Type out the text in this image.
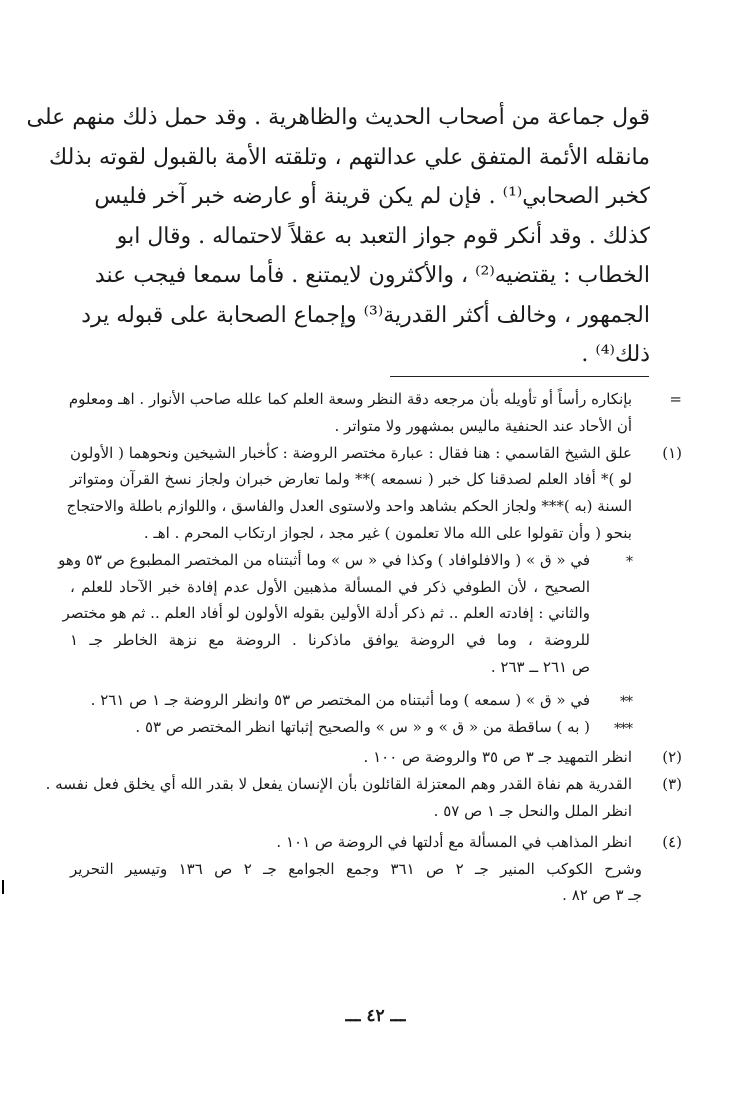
قول جماعة من أصحاب الحديث والظاهرية . وقد حمل ذلك منهم على
مانقله الأئمة المتفق علي عدالتهم ، وتلقته الأمة بالقبول لقوته بذلك
كخبر الصحابي⁽¹⁾ . فإن لم يكن قرينة أو عارضه خبر آخر فليس
كذلك . وقد أنكر قوم جواز التعبد به عقلاً لاحتماله . وقال ابو
الخطاب : يقتضيه⁽²⁾ ، والأكثرون لايمتنع . فأما سمعا فيجب عند
الجمهور ، وخالف أكثر القدرية⁽³⁾ وإجماع الصحابة على قبوله يرد
ذلك⁽⁴⁾ .
=
بإنكاره رأساً أو تأويله بأن مرجعه دقة النظر وسعة العلم كما علله صاحب الأنوار . اهـ ومعلوم
أن الأحاد عند الحنفية ماليس بمشهور ولا متواتر .
(١)
علق الشيخ القاسمي : هنا فقال : عبارة مختصر الروضة : كأخبار الشيخين ونحوهما ( الأولون
لو )* أفاد العلم لصدقنا كل خبر ( نسمعه )** ولما تعارض خبران ولجاز نسخ القرآن ومتواتر
السنة (به )*** ولجاز الحكم بشاهد واحد ولاستوى العدل والفاسق ، واللوازم باطلة والاحتجاج
بنحو ( وأن تقولوا على الله مالا تعلمون ) غير مجد ، لجواز ارتكاب المحرم . اهـ .
*
في « ق » ( والافلوافاد ) وكذا في « س » وما أثبتناه من المختصر المطبوع ص ٥٣ وهو
الصحيح ، لأن الطوفي ذكر في المسألة مذهبين الأول عدم إفادة خبر الآحاد للعلم ،
والثاني : إفادته العلم .. ثم ذكر أدلة الأولين بقوله الأولون لو أفاد العلم .. ثم هو مختصر
للروضة ، وما في الروضة يوافق ماذكرنا . الروضة مع نزهة الخاطر جـ ١
ص ٢٦١ ــ ٢٦٣ .
**
في « ق » ( سمعه ) وما أثبتناه من المختصر ص ٥٣ وانظر الروضة جـ ١ ص ٢٦١ .
***
( به ) ساقطة من « ق » و « س » والصحيح إثباتها انظر المختصر ص ٥٣ .
(٢)
انظر التمهيد جـ ٣ ص ٣٥ والروضة ص ١٠٠ .
(٣)
القدرية هم نفاة القدر وهم المعتزلة القائلون بأن الإنسان يفعل لا بقدر الله أي يخلق فعل نفسه .
انظر الملل والنحل جـ ١ ص ٥٧ .
(٤)
انظر المذاهب في المسألة مع أدلتها في الروضة ص ١٠١ .
وشرح الكوكب المنير جـ ٢ ص ٣٦١ وجمع الجوامع جـ ٢ ص ١٣٦ وتيسير التحرير
جـ ٣ ص ٨٢ .
ـــ ٤٢ ـــ
